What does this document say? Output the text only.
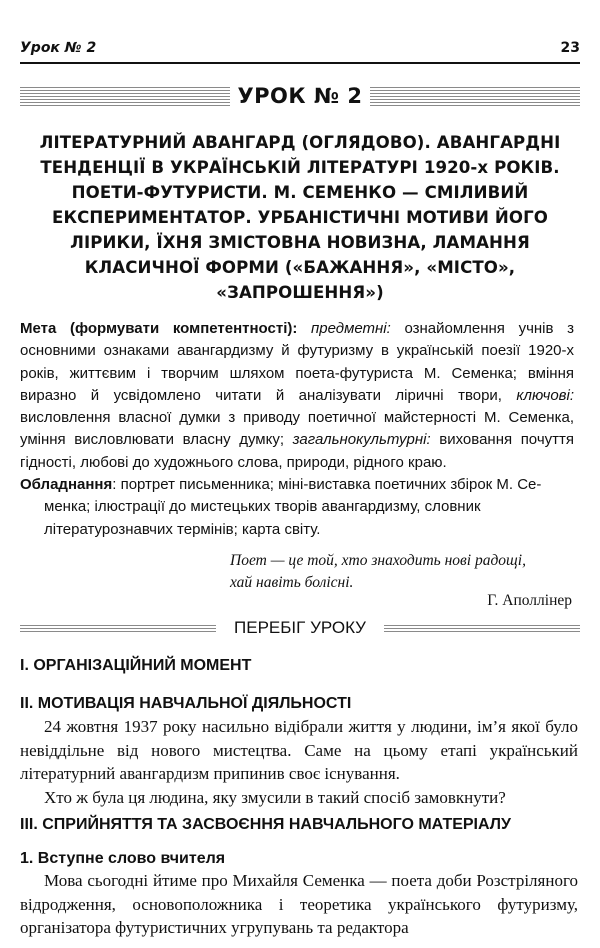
Урок № 2	23
УРОК № 2
ЛІТЕРАТУРНИЙ АВАНГАРД (ОГЛЯДОВО). АВАНГАРДНІ
ТЕНДЕНЦІЇ В УКРАЇНСЬКІЙ ЛІТЕРАТУРІ 1920-х РОКІВ.
ПОЕТИ-ФУТУРИСТИ. М. СЕМЕНКО — СМІЛИВИЙ
ЕКСПЕРИМЕНТАТОР. УРБАНІСТИЧНІ МОТИВИ ЙОГО
ЛІРИКИ, ЇХНЯ ЗМІСТОВНА НОВИЗНА, ЛАМАННЯ
КЛАСИЧНОЇ ФОРМИ («БАЖАННЯ», «МІСТО»,
«ЗАПРОШЕННЯ»)

Мета (формувати компетентності): предметні: ознайомлення учнів з основними ознаками авангардизму й футуризму в українській поезії 1920-х років, життєвим і творчим шляхом поета-футуриста М. Семенка; вміння виразно й усвідомлено читати й аналізувати ліричні твори, ключові: висловлення власної думки з приводу поетичної майстерності М. Семенка, уміння висловлювати власну думку; загальнокультурні: виховання почуття гідності, любові до художнього слова, природи, рідного краю.

Обладнання: портрет письменника; міні-виставка поетичних збірок М. Се-

менка; ілюстрації до мистецьких творів авангардизму, словник літературознавчих термінів; карта світу.

Поет — це той, хто знаходить нові радощі,
хай навіть болісні.
Г. Аполлінер
ПЕРЕБІГ УРОКУ
I. ОРГАНІЗАЦІЙНИЙ МОМЕНТ
II. МОТИВАЦІЯ НАВЧАЛЬНОЇ ДІЯЛЬНОСТІ

24 жовтня 1937 року насильно відібрали життя у людини, ім’я якої було невіддільне від нового мистецтва. Саме на цьому етапі український літературний авангардизм припинив своє існування.

Хто ж була ця людина, яку змусили в такий спосіб замовкнути?

III. СПРИЙНЯТТЯ ТА ЗАСВОЄННЯ НАВЧАЛЬНОГО МАТЕРІАЛУ
1. Вступне слово вчителя

Мова сьогодні йтиме про Михайля Семенка — поета доби Розстріляного відродження, основоположника і теоретика українського футуризму, організатора футуристичних угрупувань та редактора
